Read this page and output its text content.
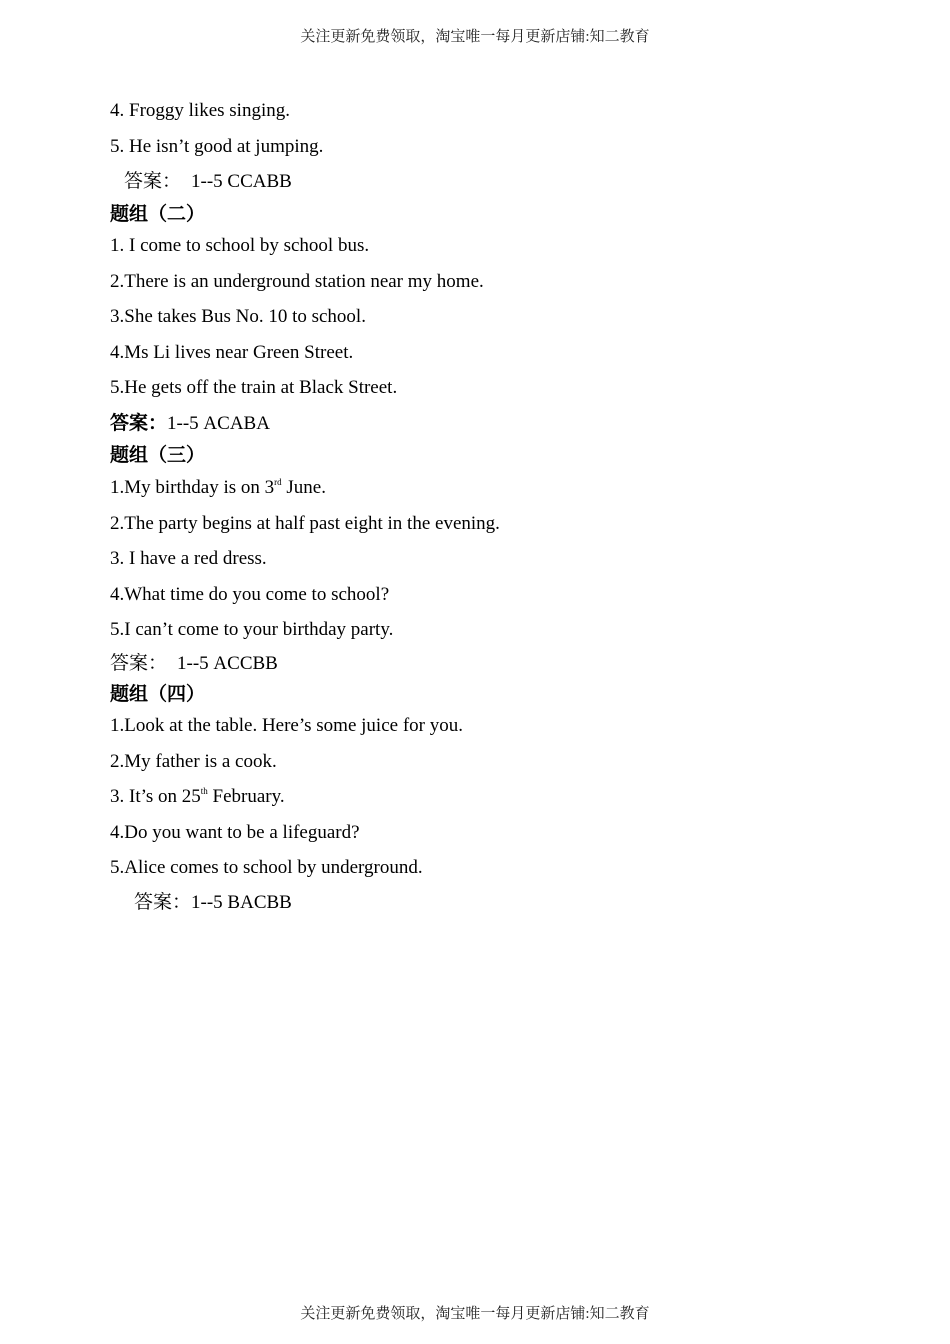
关注更新免费领取，淘宝唯一每月更新店铺:知二教育
4. Froggy likes singing.
5. He isn’t good at jumping.
答案： 1--5 CCABB
题组（二）
1. I come to school by school bus.
2.There is an underground station near my home.
3.She takes Bus No. 10 to school.
4.Ms Li lives near Green Street.
5.He gets off the train at Black Street.
答案：1--5 ACABA
题组（三）
1.My birthday is on 3rd June.
2.The party begins at half past eight in the evening.
3. I have a red dress.
4.What time do you come to school?
5.I can’t come to your birthday party.
答案： 1--5 ACCBB
题组（四）
1.Look at the table. Here’s some juice for you.
2.My father is a cook.
3. It’s on 25th February.
4.Do you want to be a lifeguard?
5.Alice comes to school by underground.
答案：1--5 BACBB
关注更新免费领取，淘宝唯一每月更新店铺:知二教育
